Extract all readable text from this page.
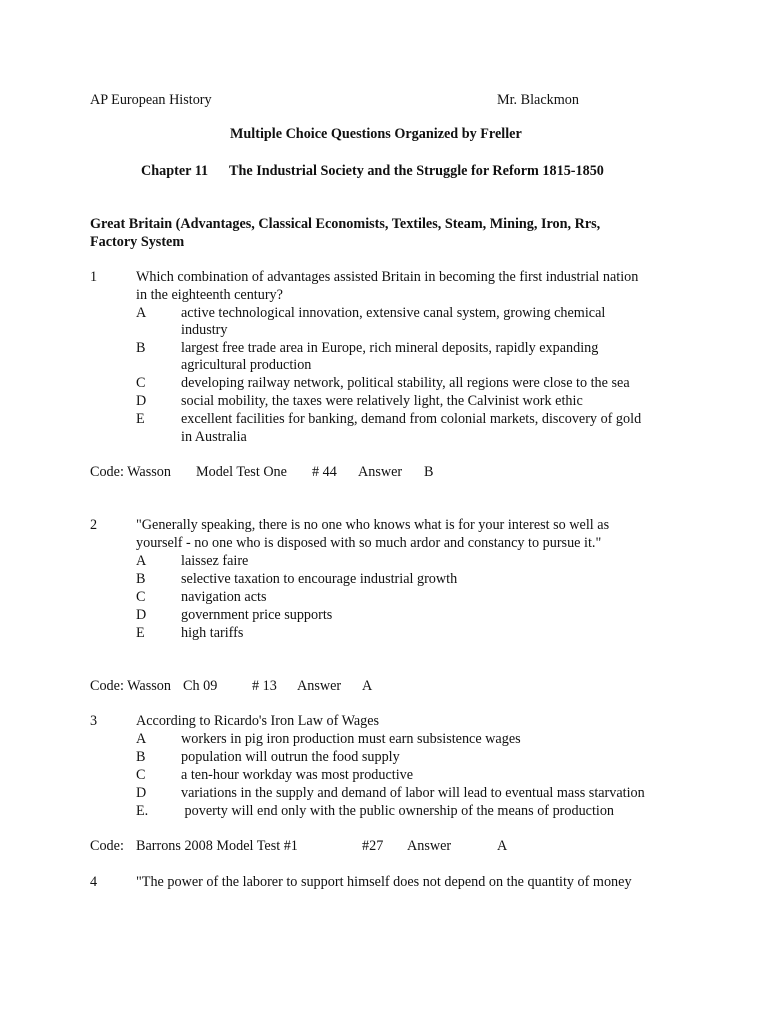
AP European History	Mr. Blackmon
Multiple Choice Questions Organized by Freller
Chapter 11 The Industrial Society and the Struggle for Reform 1815-1850
Great Britain (Advantages, Classical Economists, Textiles, Steam, Mining, Iron, Rrs,
Factory System
1	Which combination of advantages assisted Britain in becoming the first industrial nation
in the eighteenth century?
A active technological innovation, extensive canal system, growing chemical
industry
B	largest free trade area in Europe, rich mineral deposits, rapidly expanding
agricultural production
C	developing railway network, political stability, all regions were close to the sea
D social mobility, the taxes were relatively light, the Calvinist work ethic
E	excellent facilities for banking, demand from colonial markets, discovery of gold
in Australia
Code: Wasson Model Test One # 44 Answer B
2	"Generally speaking, there is no one who knows what is for your interest so well as
yourself - no one who is disposed with so much ardor and constancy to pursue it."
A laissez faire
B	selective taxation to encourage industrial growth
C	navigation acts
D government price supports
E	high tariffs
Code: Wasson Ch 09 # 13 Answer A
3	According to Ricardo's Iron Law of Wages
A workers in pig iron production must earn subsistence wages
B	population will outrun the food supply
C	a ten-hour workday was most productive
D variations in the supply and demand of labor will lead to eventual mass starvation
E. poverty will end only with the public ownership of the means of production
Code: Barrons 2008 Model Test #1	#27 Answer	A
4	"The power of the laborer to support himself does not depend on the quantity of money
